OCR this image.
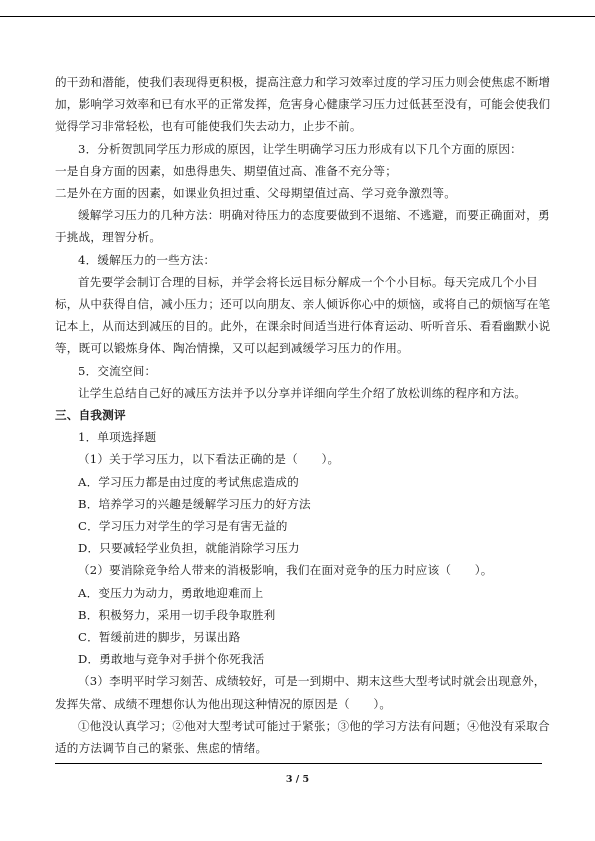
的干劲和潜能，使我们表现得更积极，提高注意力和学习效率过度的学习压力则会使焦虑不断增加，影响学习效率和已有水平的正常发挥，危害身心健康学习压力过低甚至没有，可能会使我们觉得学习非常轻松，也有可能使我们失去动力，止步不前。

3．分析贺凯同学压力形成的原因，让学生明确学习压力形成有以下几个方面的原因：

一是自身方面的因素，如患得患失、期望值过高、准备不充分等；

二是外在方面的因素，如课业负担过重、父母期望值过高、学习竞争激烈等。

缓解学习压力的几种方法：明确对待压力的态度要做到不退缩、不逃避，而要正确面对，勇于挑战，理智分析。

4．缓解压力的一些方法：

首先要学会制订合理的目标，并学会将长远目标分解成一个个小目标。每天完成几个小目标，从中获得自信，减小压力；还可以向朋友、亲人倾诉你心中的烦恼，或将自己的烦恼写在笔记本上，从而达到减压的目的。此外，在课余时间适当进行体育运动、听听音乐、看看幽默小说等，既可以锻炼身体、陶冶情操，又可以起到减缓学习压力的作用。

5．交流空间：

让学生总结自己好的减压方法并予以分享并详细向学生介绍了放松训练的程序和方法。

三、自我测评

1．单项选择题

（1）关于学习压力，以下看法正确的是（　　）。

A．学习压力都是由过度的考试焦虑造成的

B．培养学习的兴趣是缓解学习压力的好方法

C．学习压力对学生的学习是有害无益的

D．只要减轻学业负担，就能消除学习压力

（2）要消除竞争给人带来的消极影响，我们在面对竞争的压力时应该（　　）。

A．变压力为动力，勇敢地迎难而上

B．积极努力，采用一切手段争取胜利

C．暂缓前进的脚步，另谋出路

D．勇敢地与竞争对手拼个你死我活

（3）李明平时学习刻苦、成绩较好，可是一到期中、期末这些大型考试时就会出现意外，发挥失常、成绩不理想你认为他出现这种情况的原因是（　　）。

①他没认真学习；②他对大型考试可能过于紧张；③他的学习方法有问题；④他没有采取合适的方法调节自己的紧张、焦虑的情绪。

3 / 5
